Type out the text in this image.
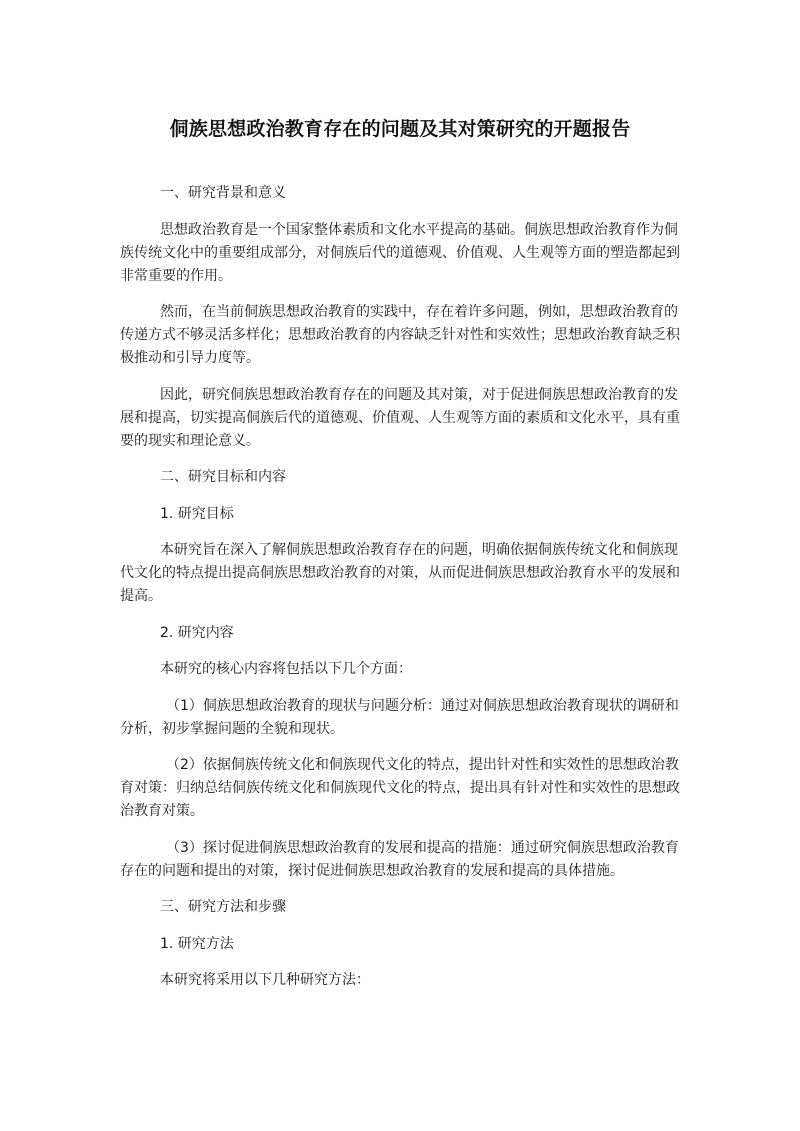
侗族思想政治教育存在的问题及其对策研究的开题报告

一、研究背景和意义

思想政治教育是一个国家整体素质和文化水平提高的基础。侗族思想政治教育作为侗族传统文化中的重要组成部分，对侗族后代的道德观、价值观、人生观等方面的塑造都起到非常重要的作用。

然而，在当前侗族思想政治教育的实践中，存在着许多问题，例如，思想政治教育的传递方式不够灵活多样化；思想政治教育的内容缺乏针对性和实效性；思想政治教育缺乏积极推动和引导力度等。

因此，研究侗族思想政治教育存在的问题及其对策，对于促进侗族思想政治教育的发展和提高，切实提高侗族后代的道德观、价值观、人生观等方面的素质和文化水平，具有重要的现实和理论意义。

二、研究目标和内容

1. 研究目标

本研究旨在深入了解侗族思想政治教育存在的问题，明确依据侗族传统文化和侗族现代文化的特点提出提高侗族思想政治教育的对策，从而促进侗族思想政治教育水平的发展和提高。

2. 研究内容

本研究的核心内容将包括以下几个方面：

（1）侗族思想政治教育的现状与问题分析：通过对侗族思想政治教育现状的调研和分析，初步掌握问题的全貌和现状。

（2）依据侗族传统文化和侗族现代文化的特点，提出针对性和实效性的思想政治教育对策：归纳总结侗族传统文化和侗族现代文化的特点，提出具有针对性和实效性的思想政治教育对策。

（3）探讨促进侗族思想政治教育的发展和提高的措施：通过研究侗族思想政治教育存在的问题和提出的对策，探讨促进侗族思想政治教育的发展和提高的具体措施。

三、研究方法和步骤

1. 研究方法

本研究将采用以下几种研究方法：
